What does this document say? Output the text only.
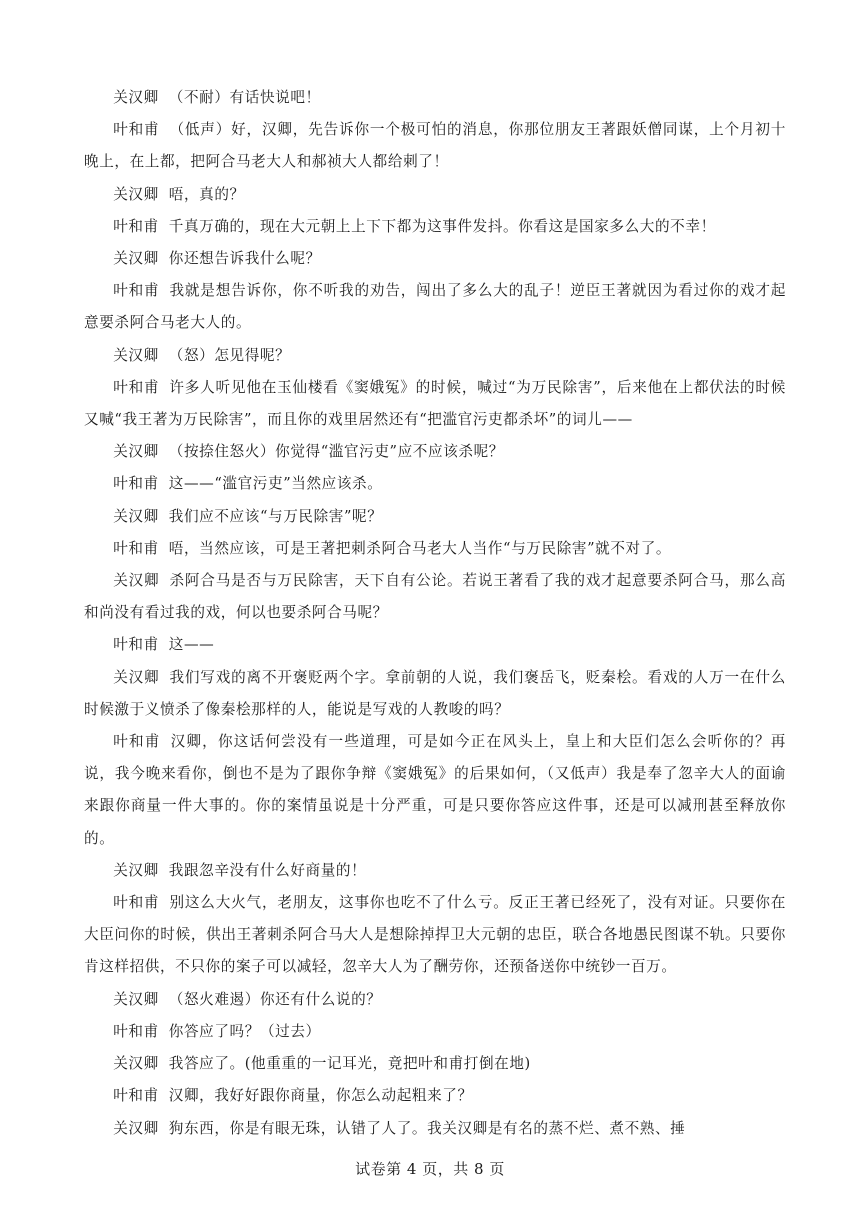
关汉卿 （不耐）有话快说吧！

叶和甫 （低声）好，汉卿，先告诉你一个极可怕的消息，你那位朋友王著跟妖僧同谋，上个月初十晚上，在上都，把阿合马老大人和郝祯大人都给刺了！

关汉卿 唔，真的？

叶和甫 千真万确的，现在大元朝上上下下都为这事件发抖。你看这是国家多么大的不幸！

关汉卿 你还想告诉我什么呢？

叶和甫 我就是想告诉你，你不听我的劝告，闯出了多么大的乱子！逆臣王著就因为看过你的戏才起意要杀阿合马老大人的。

关汉卿 （怒）怎见得呢？

叶和甫 许多人听见他在玉仙楼看《窦娥冤》的时候，喊过“为万民除害”，后来他在上都伏法的时候又喊“我王著为万民除害”，而且你的戏里居然还有“把滥官污吏都杀坏”的词儿——

关汉卿 （按捺住怒火）你觉得“滥官污吏”应不应该杀呢？

叶和甫 这——“滥官污吏”当然应该杀。

关汉卿 我们应不应该“与万民除害”呢？

叶和甫 唔，当然应该，可是王著把刺杀阿合马老大人当作“与万民除害”就不对了。

关汉卿 杀阿合马是否与万民除害，天下自有公论。若说王著看了我的戏才起意要杀阿合马，那么高和尚没有看过我的戏，何以也要杀阿合马呢？

叶和甫 这——

关汉卿 我们写戏的离不开褒贬两个字。拿前朝的人说，我们褒岳飞，贬秦桧。看戏的人万一在什么时候激于义愤杀了像秦桧那样的人，能说是写戏的人教唆的吗？

叶和甫 汉卿，你这话何尝没有一些道理，可是如今正在风头上，皇上和大臣们怎么会听你的？再说，我今晚来看你，倒也不是为了跟你争辩《窦娥冤》的后果如何，（又低声）我是奉了忽辛大人的面谕来跟你商量一件大事的。你的案情虽说是十分严重，可是只要你答应这件事，还是可以减刑甚至释放你的。

关汉卿 我跟忽辛没有什么好商量的！

叶和甫 别这么大火气，老朋友，这事你也吃不了什么亏。反正王著已经死了，没有对证。只要你在大臣问你的时候，供出王著刺杀阿合马大人是想除掉捍卫大元朝的忠臣，联合各地愚民图谋不轨。只要你肯这样招供，不只你的案子可以减轻，忽辛大人为了酬劳你，还预备送你中统钞一百万。

关汉卿 （怒火难遏）你还有什么说的？

叶和甫 你答应了吗？（过去）

关汉卿 我答应了。(他重重的一记耳光，竟把叶和甫打倒在地)

叶和甫 汉卿，我好好跟你商量，你怎么动起粗来了？

关汉卿 狗东西，你是有眼无珠，认错了人了。我关汉卿是有名的蒸不烂、煮不熟、捶

试卷第 4 页，共 8 页
